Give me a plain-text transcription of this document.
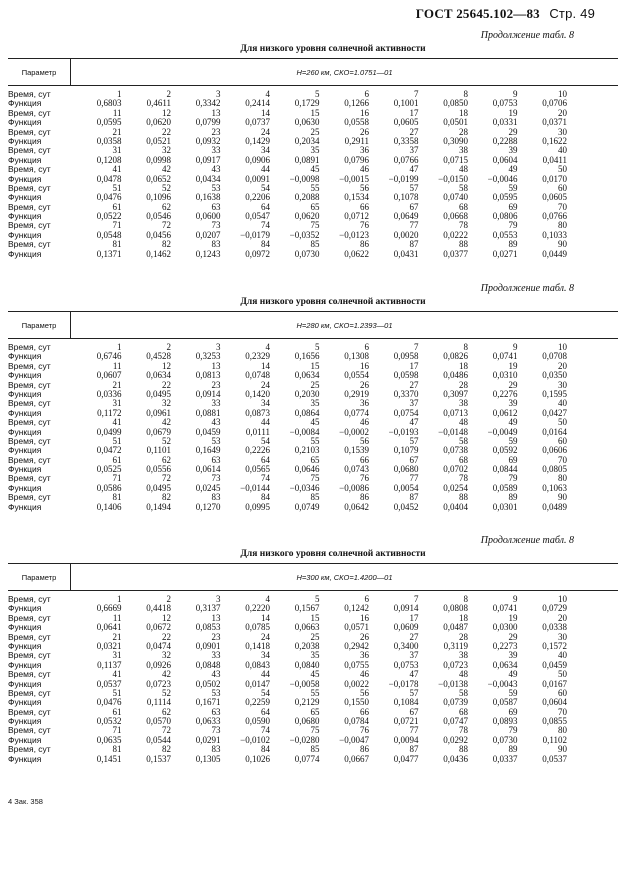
ГОСТ 25645.102—83 Стр. 49
Продолжение табл. 8
Для низкого уровня солнечной активности
Параметр	H=260 км, СКО=1.0751—01
Время, сут	1	2	3	4	5	6	7	8	9	10
Функция	0,6803	0,4611	0,3342	0,2414	0,1729	0,1266	0,1001	0,0850	0,0753	0,0706
Время, сут	11	12	13	14	15	16	17	18	19	20
Функция	0,0595	0,0620	0,0799	0,0737	0,0630	0,0558	0,0605	0,0501	0,0331	0,0371
Время, сут	21	22	23	24	25	26	27	28	29	30
Функция	0,0358	0,0521	0,0932	0,1429	0,2034	0,2911	0,3358	0,3090	0,2288	0,1622
Время, сут	31	32	33	34	35	36	37	38	39	40
Функция	0,1208	0,0998	0,0917	0,0906	0,0891	0,0796	0,0766	0,0715	0,0604	0,0411
Время, сут	41	42	43	44	45	46	47	48	49	50
Функция	0,0478	0,0652	0,0434	0,0091	−0,0098	−0,0015	−0,0199	−0,0150	−0,0046	0,0170
Время, сут	51	52	53	54	55	56	57	58	59	60
Функция	0,0476	0,1096	0,1638	0,2206	0,2088	0,1534	0,1078	0,0740	0,0595	0,0605
Время, сут	61	62	63	64	65	66	67	68	69	70
Функция	0,0522	0,0546	0,0600	0,0547	0,0620	0,0712	0,0649	0,0668	0,0806	0,0766
Время, сут	71	72	73	74	75	76	77	78	79	80
Функция	0,0548	0,0456	0,0207	−0,0179	−0,0352	−0,0123	0,0020	0,0222	0,0553	0,1033
Время, сут	81	82	83	84	85	86	87	88	89	90
Функция	0,1371	0,1462	0,1243	0,0972	0,0730	0,0622	0,0431	0,0377	0,0271	0,0449
Продолжение табл. 8
Для низкого уровня солнечной активности
Параметр	H=280 км, СКО=1.2393—01
Время, сут	1	2	3	4	5	6	7	8	9	10
Функция	0,6746	0,4528	0,3253	0,2329	0,1656	0,1308	0,0958	0,0826	0,0741	0,0708
Время, сут	11	12	13	14	15	16	17	18	19	20
Функция	0,0607	0,0634	0,0813	0,0748	0,0634	0,0554	0,0598	0,0486	0,0310	0,0350
Время, сут	21	22	23	24	25	26	27	28	29	30
Функция	0,0336	0,0495	0,0914	0,1420	0,2030	0,2919	0,3370	0,3097	0,2276	0,1595
Время, сут	31	32	33	34	35	36	37	38	39	40
Функция	0,1172	0,0961	0,0881	0,0873	0,0864	0,0774	0,0754	0,0713	0,0612	0,0427
Время, сут	41	42	43	44	45	46	47	48	49	50
Функция	0,0499	0,0679	0,0459	0,0111	−0,0084	−0,0002	−0,0193	−0,0148	−0,0049	0,0164
Время, сут	51	52	53	54	55	56	57	58	59	60
Функция	0,0472	0,1101	0,1649	0,2226	0,2103	0,1539	0,1079	0,0738	0,0592	0,0606
Время, сут	61	62	63	64	65	66	67	68	69	70
Функция	0,0525	0,0556	0,0614	0,0565	0,0646	0,0743	0,0680	0,0702	0,0844	0,0805
Время, сут	71	72	73	74	75	76	77	78	79	80
Функция	0,0586	0,0495	0,0245	−0,0144	−0,0346	−0,0086	0,0054	0,0254	0,0589	0,1063
Время, сут	81	82	83	84	85	86	87	88	89	90
Функция	0,1406	0,1494	0,1270	0,0995	0,0749	0,0642	0,0452	0,0404	0,0301	0,0489
Продолжение табл. 8
Для низкого уровня солнечной активности
Параметр	H=300 км, СКО=1.4200—01
Время, сут	1	2	3	4	5	6	7	8	9	10
Функция	0,6669	0,4418	0,3137	0,2220	0,1567	0,1242	0,0914	0,0808	0,0741	0,0729
Время, сут	11	12	13	14	15	16	17	18	19	20
Функция	0,0641	0,0672	0,0853	0,0785	0,0663	0,0571	0,0609	0,0487	0,0300	0,0338
Время, сут	21	22	23	24	25	26	27	28	29	30
Функция	0,0321	0,0474	0,0901	0,1418	0,2038	0,2942	0,3400	0,3119	0,2273	0,1572
Время, сут	31	32	33	34	35	36	37	38	39	40
Функция	0,1137	0,0926	0,0848	0,0843	0,0840	0,0755	0,0753	0,0723	0,0634	0,0459
Время, сут	41	42	43	44	45	46	47	48	49	50
Функция	0,0537	0,0723	0,0502	0,0147	−0,0058	0,0022	−0,0178	−0,0138	−0,0043	0,0167
Время, сут	51	52	53	54	55	56	57	58	59	60
Функция	0,0476	0,1114	0,1671	0,2259	0,2129	0,1550	0,1084	0,0739	0,0587	0,0604
Время, сут	61	62	63	64	65	66	67	68	69	70
Функция	0,0532	0,0570	0,0633	0,0590	0,0680	0,0784	0,0721	0,0747	0,0893	0,0855
Время, сут	71	72	73	74	75	76	77	78	79	80
Функция	0,0635	0,0544	0,0291	−0,0102	−0,0280	−0,0047	0,0094	0,0292	0,0730	0,1102
Время, сут	81	82	83	84	85	86	87	88	89	90
Функция	0,1451	0,1537	0,1305	0,1026	0,0774	0,0667	0,0477	0,0436	0,0337	0,0537
4 Зак. 358
